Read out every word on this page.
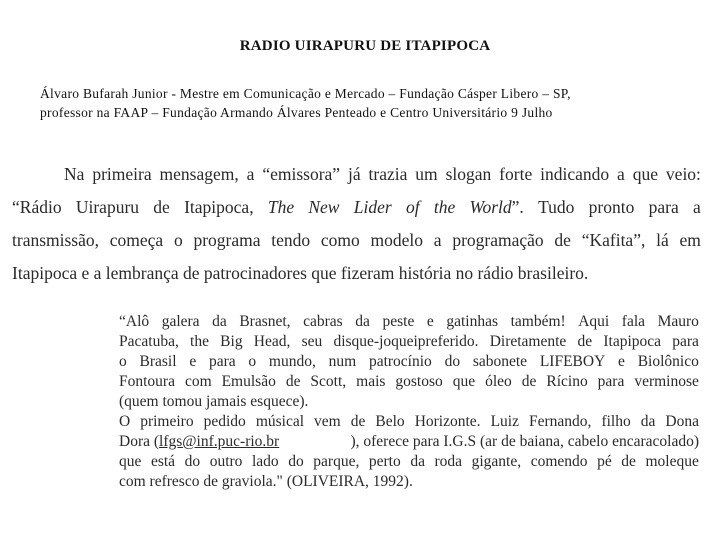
RADIO UIRAPURU DE ITAPIPOCA
Álvaro Bufarah Junior - Mestre em Comunicação e Mercado – Fundação Cásper Libero – SP,
professor na FAAP – Fundação Armando Álvares Penteado e Centro Universitário 9 Julho
Na primeira mensagem, a “emissora” já trazia um slogan forte indicando a que veio:
“Rádio Uirapuru de Itapipoca, The New Lider of the World”. Tudo pronto para a
transmissão, começa o programa tendo como modelo a programação de “Kafita”, lá em
Itapipoca e a lembrança de patrocinadores que fizeram história no rádio brasileiro.
“Alô galera da Brasnet, cabras da peste e gatinhas também! Aqui fala Mauro
Pacatuba, the Big Head, seu disque-joqueipreferido. Diretamente de Itapipoca para
o Brasil e para o mundo, num patrocínio do sabonete LIFEBOY e Biolônico
Fontoura com Emulsão de Scott, mais gostoso que óleo de Rícino para verminose
(quem tomou jamais esquece).
O primeiro pedido músical vem de Belo Horizonte. Luiz Fernando, filho da Dona
Dora (lfgs@inf.puc-rio.br	), oferece para I.G.S (ar de baiana, cabelo encaracolado)
que está do outro lado do parque, perto da roda gigante, comendo pé de moleque
com refresco de graviola." (OLIVEIRA, 1992).
